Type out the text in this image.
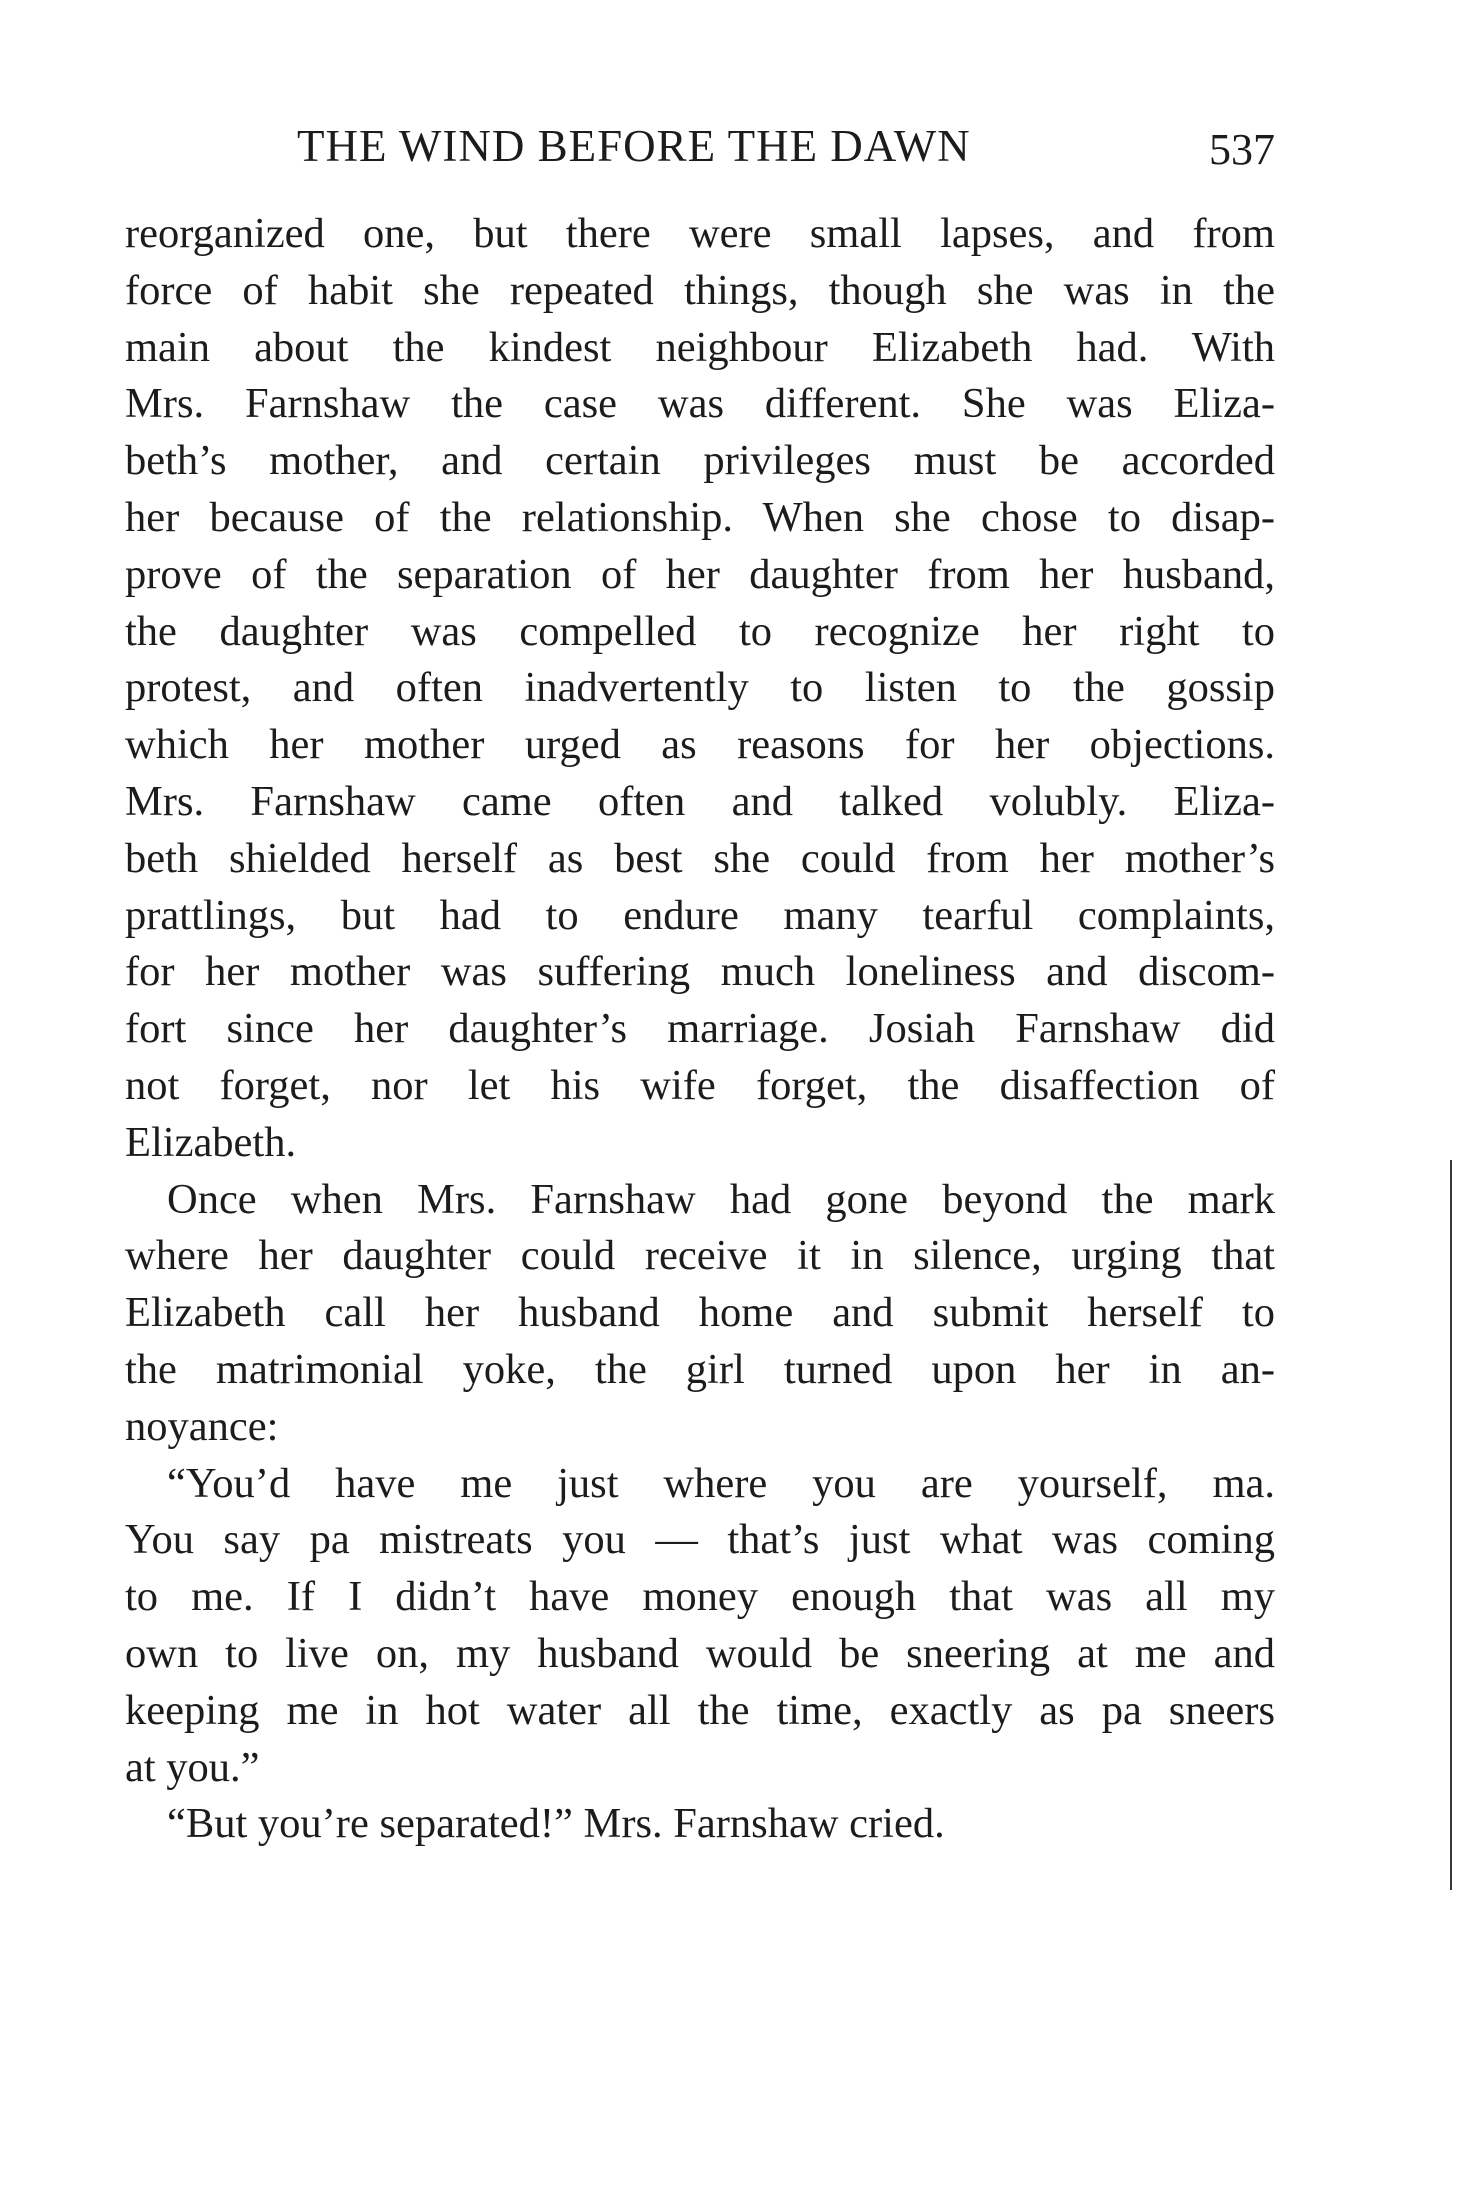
THE WIND BEFORE THE DAWN	537
reorganized one, but there were small lapses, and from
force of habit she repeated things, though she was in the
main about the kindest neighbour Elizabeth had. With
Mrs. Farnshaw the case was different. She was Eliza-
beth’s mother, and certain privileges must be accorded
her because of the relationship. When she chose to disap-
prove of the separation of her daughter from her husband,
the daughter was compelled to recognize her right to
protest, and often inadvertently to listen to the gossip
which her mother urged as reasons for her objections.
Mrs. Farnshaw came often and talked volubly. Eliza-
beth shielded herself as best she could from her mother’s
prattlings, but had to endure many tearful complaints,
for her mother was suffering much loneliness and discom-
fort since her daughter’s marriage. Josiah Farnshaw did
not forget, nor let his wife forget, the disaffection of
Elizabeth.
Once when Mrs. Farnshaw had gone beyond the mark
where her daughter could receive it in silence, urging that
Elizabeth call her husband home and submit herself to
the matrimonial yoke, the girl turned upon her in an-
noyance:
“You’d have me just where you are yourself, ma.
You say pa mistreats you — that’s just what was coming
to me. If I didn’t have money enough that was all my
own to live on, my husband would be sneering at me and
keeping me in hot water all the time, exactly as pa sneers
at you.”
“But you’re separated!” Mrs. Farnshaw cried.
